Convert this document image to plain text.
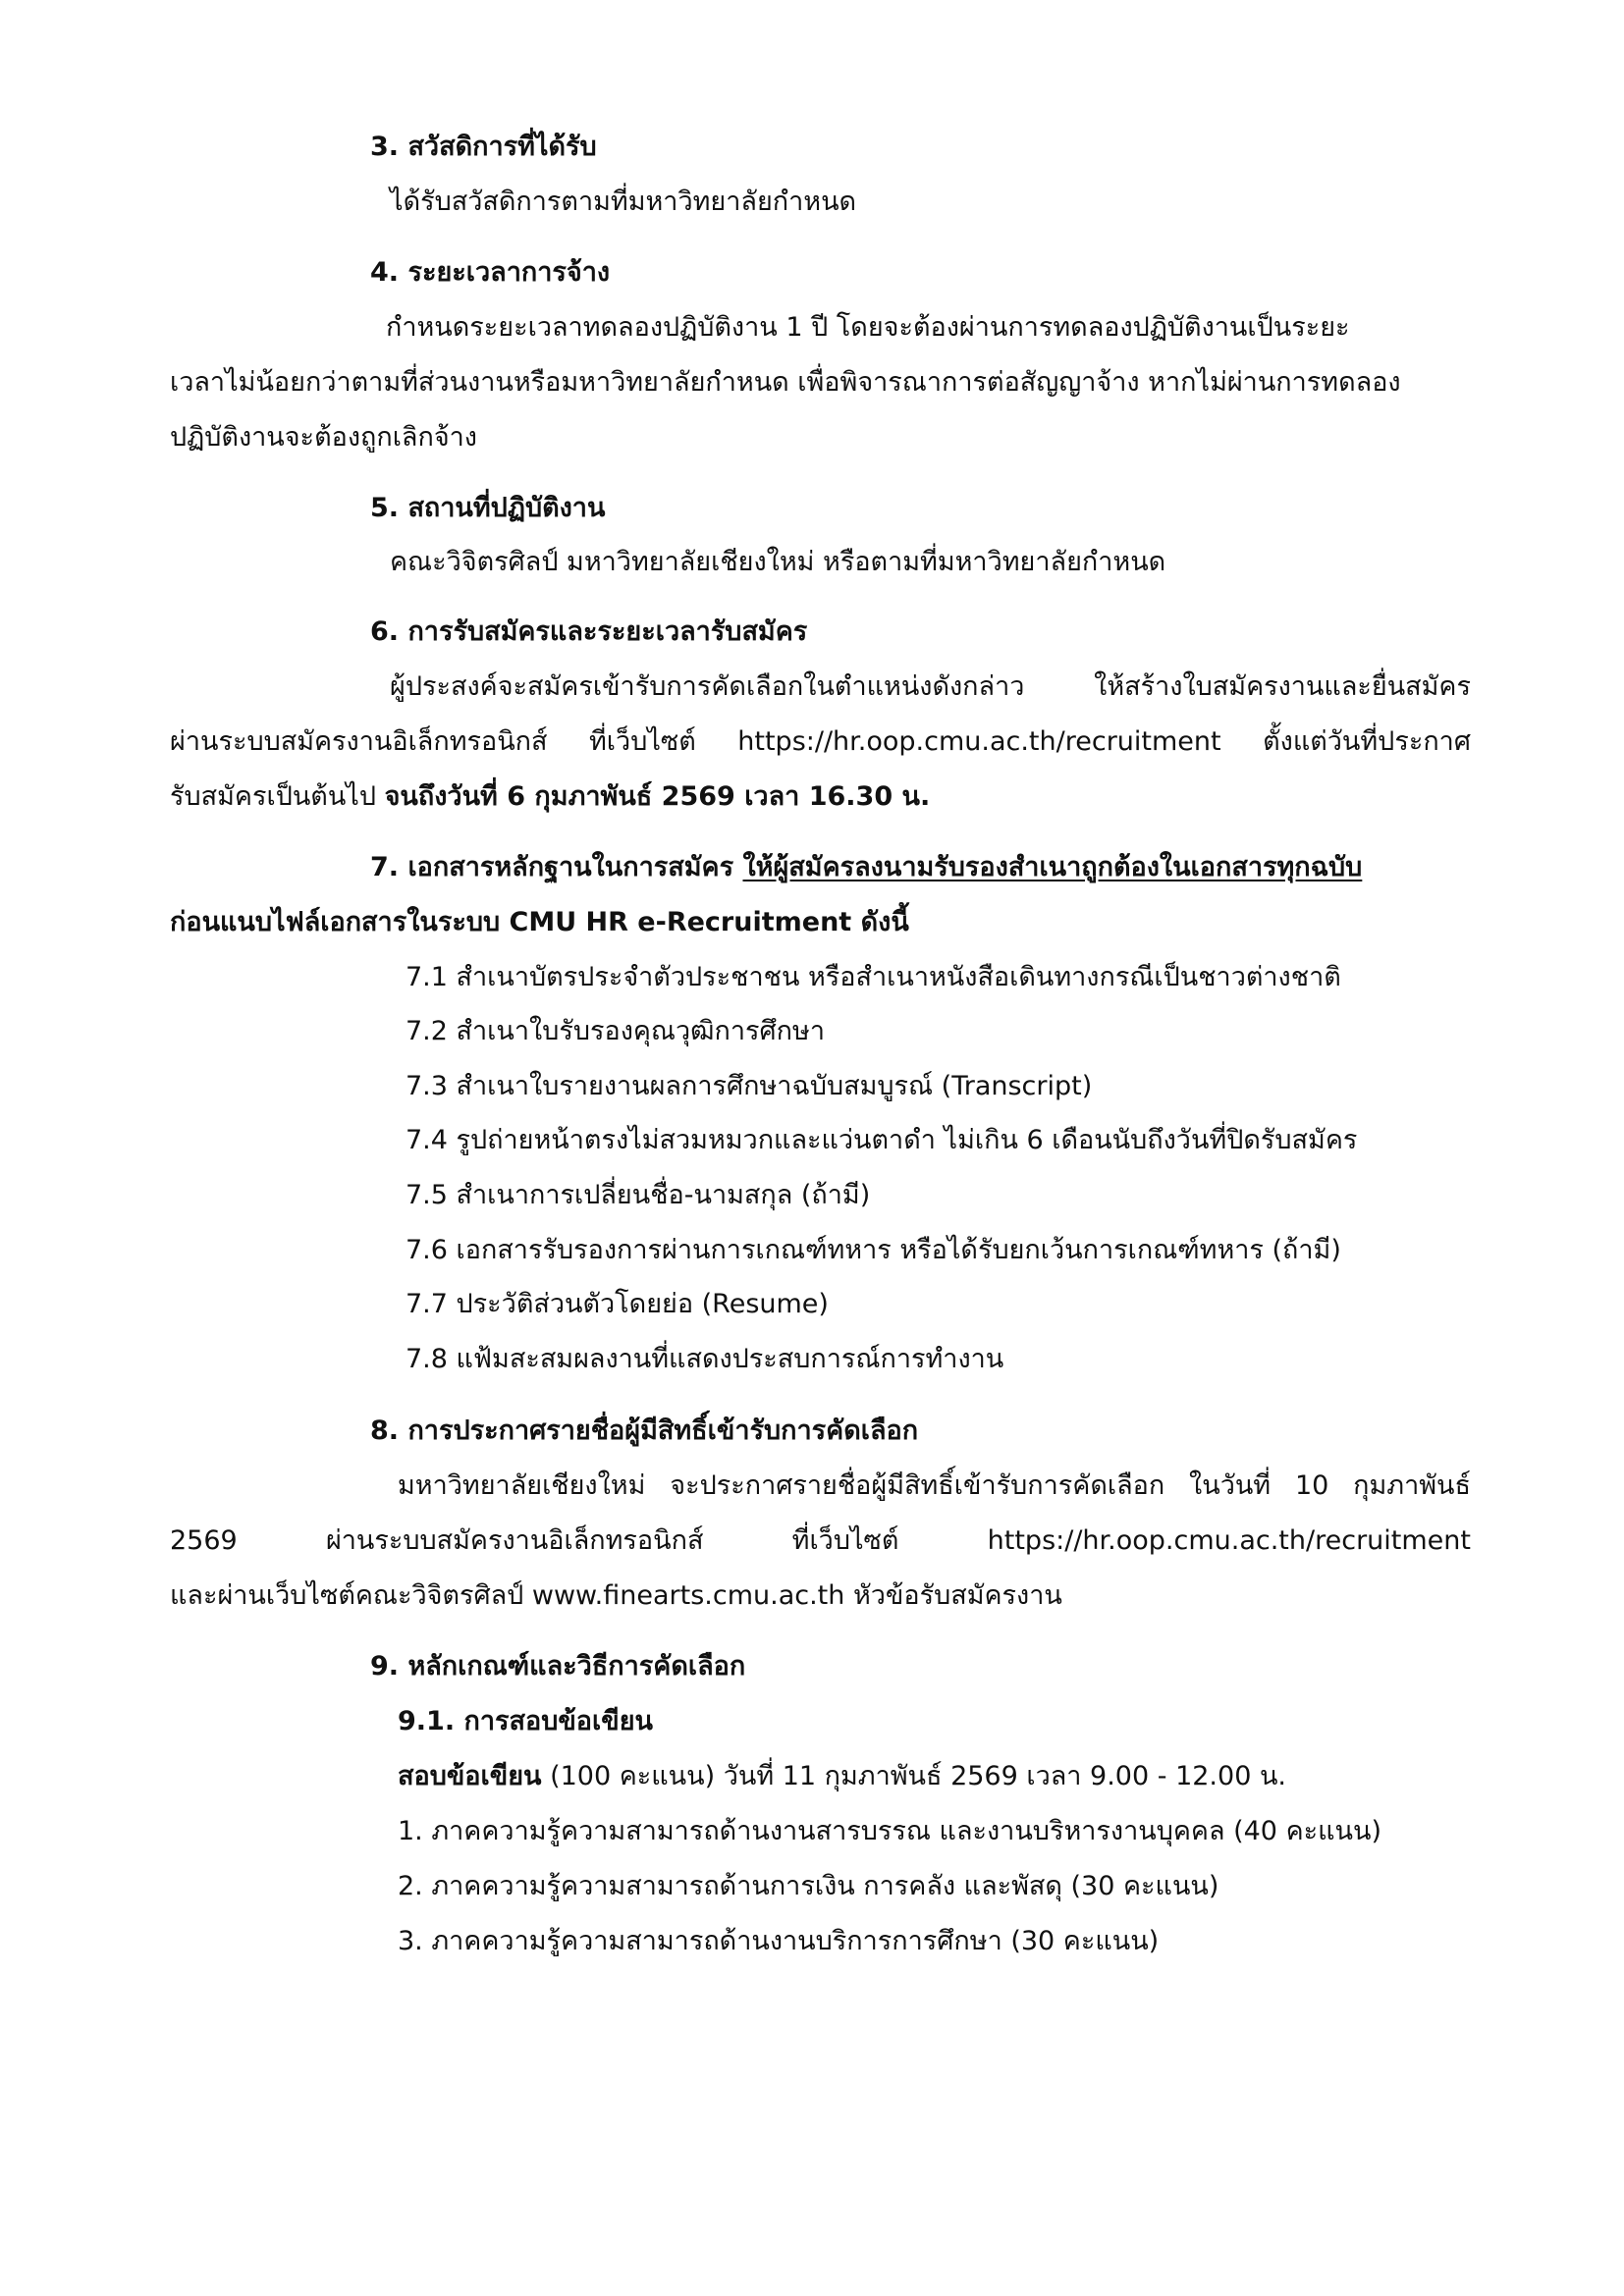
3. สวัสดิการที่ได้รับ
ได้รับสวัสดิการตามที่มหาวิทยาลัยกำหนด
4. ระยะเวลาการจ้าง
กำหนดระยะเวลาทดลองปฏิบัติงาน 1 ปี โดยจะต้องผ่านการทดลองปฏิบัติงานเป็นระยะ
เวลาไม่น้อยกว่าตามที่ส่วนงานหรือมหาวิทยาลัยกำหนด เพื่อพิจารณาการต่อสัญญาจ้าง หากไม่ผ่านการทดลอง
ปฏิบัติงานจะต้องถูกเลิกจ้าง
5. สถานที่ปฏิบัติงาน
คณะวิจิตรศิลป์ มหาวิทยาลัยเชียงใหม่ หรือตามที่มหาวิทยาลัยกำหนด
6. การรับสมัครและระยะเวลารับสมัคร
ผู้ประสงค์จะสมัครเข้ารับการคัดเลือกในตำแหน่งดังกล่าว	ให้สร้างใบสมัครงานและยื่นสมัคร
ผ่านระบบสมัครงานอิเล็กทรอนิกส์ ที่เว็บไซต์ https://hr.oop.cmu.ac.th/recruitment ตั้งแต่วันที่ประกาศ
รับสมัครเป็นต้นไป จนถึงวันที่ 6 กุมภาพันธ์ 2569 เวลา 16.30 น.
7. เอกสารหลักฐานในการสมัคร ให้ผู้สมัครลงนามรับรองสำเนาถูกต้องในเอกสารทุกฉบับ
ก่อนแนบไฟล์เอกสารในระบบ CMU HR e-Recruitment ดังนี้
7.1 สำเนาบัตรประจำตัวประชาชน หรือสำเนาหนังสือเดินทางกรณีเป็นชาวต่างชาติ
7.2 สำเนาใบรับรองคุณวุฒิการศึกษา
7.3 สำเนาใบรายงานผลการศึกษาฉบับสมบูรณ์ (Transcript)
7.4 รูปถ่ายหน้าตรงไม่สวมหมวกและแว่นตาดำ ไม่เกิน 6 เดือนนับถึงวันที่ปิดรับสมัคร
7.5 สำเนาการเปลี่ยนชื่อ-นามสกุล (ถ้ามี)
7.6 เอกสารรับรองการผ่านการเกณฑ์ทหาร หรือได้รับยกเว้นการเกณฑ์ทหาร (ถ้ามี)
7.7 ประวัติส่วนตัวโดยย่อ (Resume)
7.8 แฟ้มสะสมผลงานที่แสดงประสบการณ์การทำงาน
8. การประกาศรายชื่อผู้มีสิทธิ์เข้ารับการคัดเลือก
มหาวิทยาลัยเชียงใหม่ จะประกาศรายชื่อผู้มีสิทธิ์เข้ารับการคัดเลือก ในวันที่ 10 กุมภาพันธ์
2569	ผ่านระบบสมัครงานอิเล็กทรอนิกส์	ที่เว็บไซต์	https://hr.oop.cmu.ac.th/recruitment
และผ่านเว็บไซต์คณะวิจิตรศิลป์ www.finearts.cmu.ac.th หัวข้อรับสมัครงาน
9. หลักเกณฑ์และวิธีการคัดเลือก
9.1. การสอบข้อเขียน
สอบข้อเขียน (100 คะแนน) วันที่ 11 กุมภาพันธ์ 2569 เวลา 9.00 - 12.00 น.
1. ภาคความรู้ความสามารถด้านงานสารบรรณ และงานบริหารงานบุคคล (40 คะแนน)
2. ภาคความรู้ความสามารถด้านการเงิน การคลัง และพัสดุ (30 คะแนน)
3. ภาคความรู้ความสามารถด้านงานบริการการศึกษา (30 คะแนน)
